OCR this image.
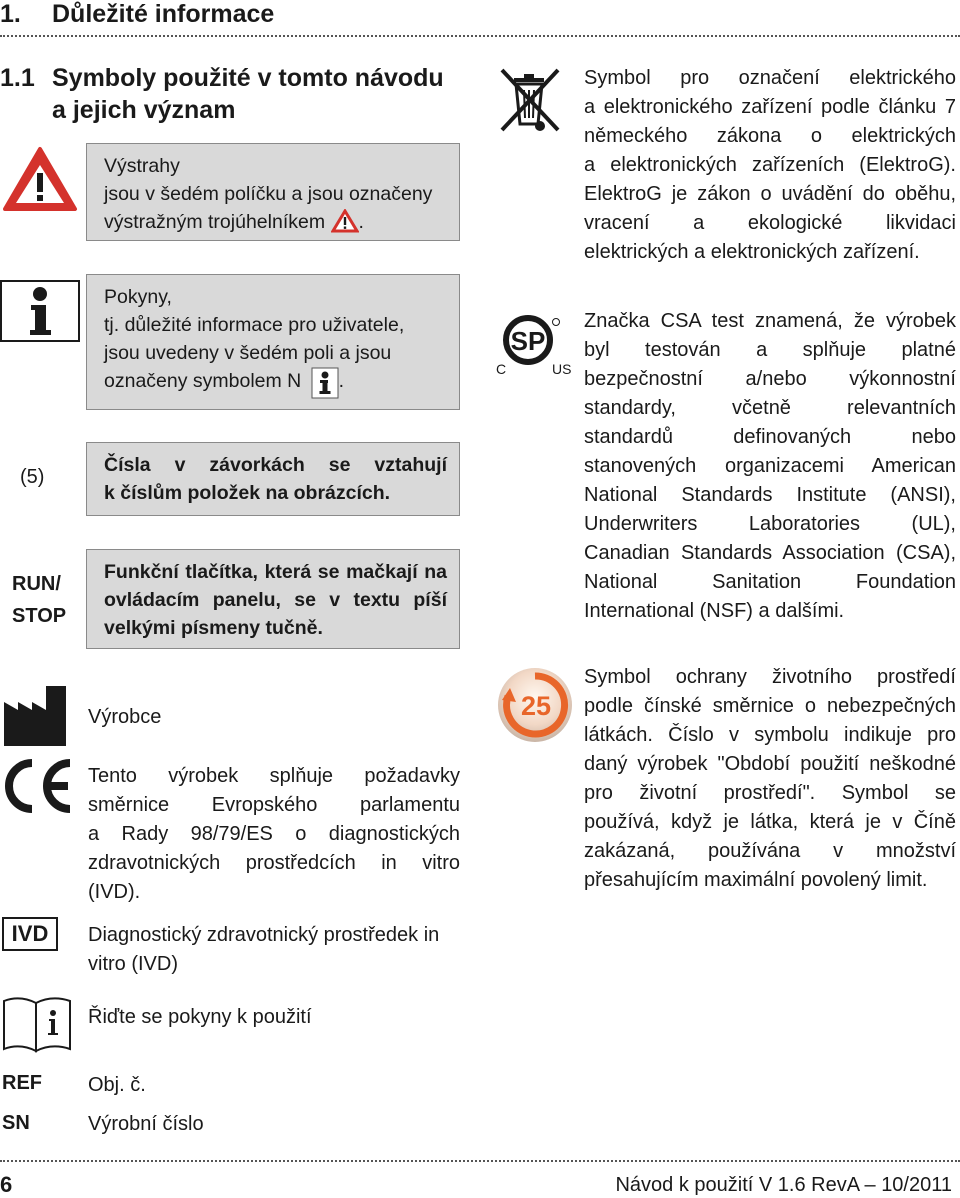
1. Důležité informace
1.1 Symboly použité v tomto návodu
a jejich význam
Výstrahy
jsou v šedém políčku a jsou označeny
výstražným trojúhelníkem .
Pokyny,
tj. důležité informace pro uživatele,
jsou uvedeny v šedém poli a jsou
označeny symbolem N .
(5)
Čísla v závorkách se vztahují
k číslům položek na obrázcích.
RUN/
STOP
Funkční tlačítka, která se mačkají na
ovládacím panelu, se v textu píší
velkými písmeny tučně.
Výrobce
Tento výrobek splňuje požadavky
směrnice Evropského parlamentu
a Rady 98/79/ES o diagnostických
zdravotnických prostředcích in vitro
(IVD).
IVD	Diagnostický zdravotnický prostředek in
vitro (IVD)
Řiďte se pokyny k použití
REF Obj. č.
SN	Výrobní číslo
Symbol pro označení elektrického
a elektronického zařízení podle článku 7
německého zákona o elektrických
a elektronických zařízeních (ElektroG).
ElektroG je zákon o uvádění do oběhu,
vracení a ekologické likvidaci
elektrických a elektronických zařízení.
SP
C	US
Značka CSA test znamená, že výrobek
byl testován a splňuje platné
bezpečnostní a/nebo výkonnostní
standardy, včetně relevantních
standardů definovaných nebo
stanovených organizacemi American
National Standards Institute (ANSI),
Underwriters Laboratories (UL),
Canadian Standards Association (CSA),
National Sanitation Foundation
International (NSF) a dalšími.
25
Symbol ochrany životního prostředí
podle čínské směrnice o nebezpečných
látkách. Číslo v symbolu indikuje pro
daný výrobek "Období použití neškodné
pro životní prostředí". Symbol se
používá, když je látka, která je v Číně
zakázaná, používána v množství
přesahujícím maximální povolený limit.
6	Návod k použití V 1.6 RevA – 10/2011
